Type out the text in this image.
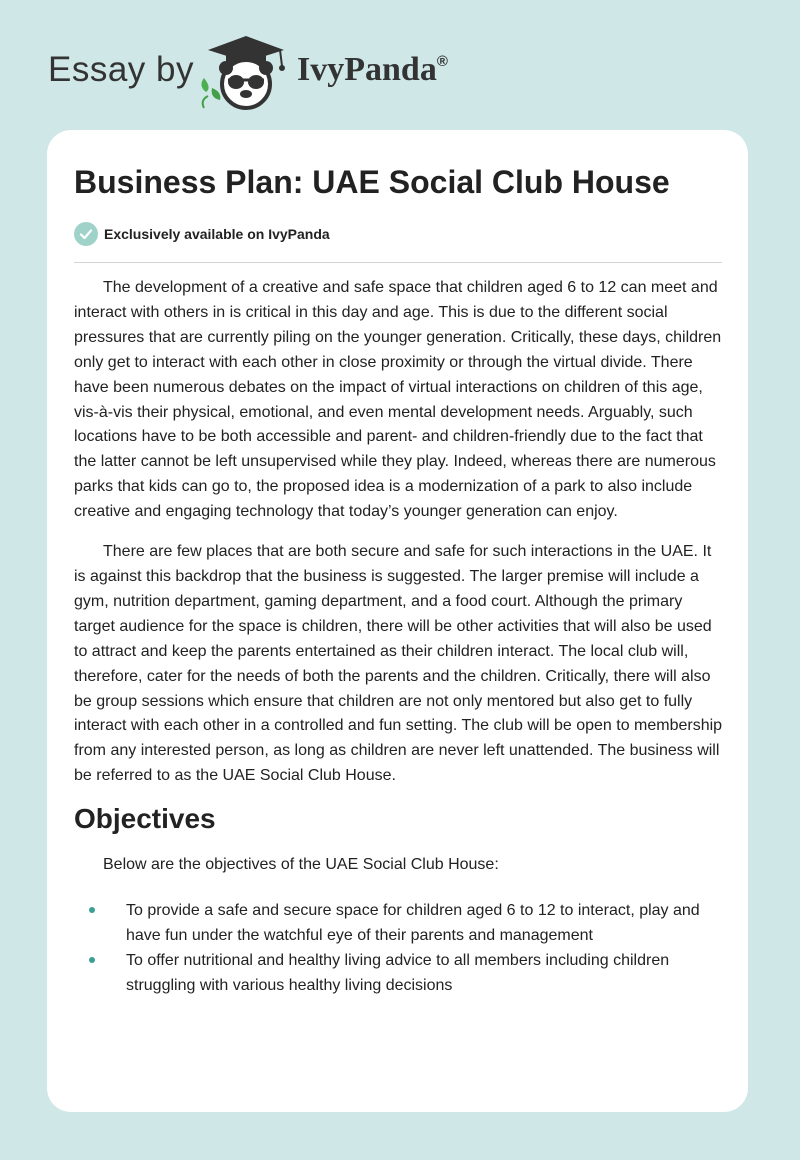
Essay by	IvyPanda®
Business Plan: UAE Social Club House
Exclusively available on IvyPanda

The development of a creative and safe space that children aged 6 to 12 can meet and interact with others in is critical in this day and age. This is due to the different social pressures that are currently piling on the younger generation. Critically, these days, children only get to interact with each other in close proximity or through the virtual divide. There have been numerous debates on the impact of virtual interactions on children of this age, vis-à-vis their physical, emotional, and even mental development needs. Arguably, such locations have to be both accessible and parent- and children-friendly due to the fact that the latter cannot be left unsupervised while they play. Indeed, whereas there are numerous parks that kids can go to, the proposed idea is a modernization of a park to also include creative and engaging technology that today’s younger generation can enjoy.

There are few places that are both secure and safe for such interactions in the UAE. It is against this backdrop that the business is suggested. The larger premise will include a gym, nutrition department, gaming department, and a food court. Although the primary target audience for the space is children, there will be other activities that will also be used to attract and keep the parents entertained as their children interact. The local club will, therefore, cater for the needs of both the parents and the children. Critically, there will also be group sessions which ensure that children are not only mentored but also get to fully interact with each other in a controlled and fun setting. The club will be open to membership from any interested person, as long as children are never left unattended. The business will be referred to as the UAE Social Club House.

Objectives
Below are the objectives of the UAE Social Club House:
To provide a safe and secure space for children aged 6 to 12 to interact, play and have fun under the watchful eye of their parents and management
To offer nutritional and healthy living advice to all members including children struggling with various healthy living decisions
